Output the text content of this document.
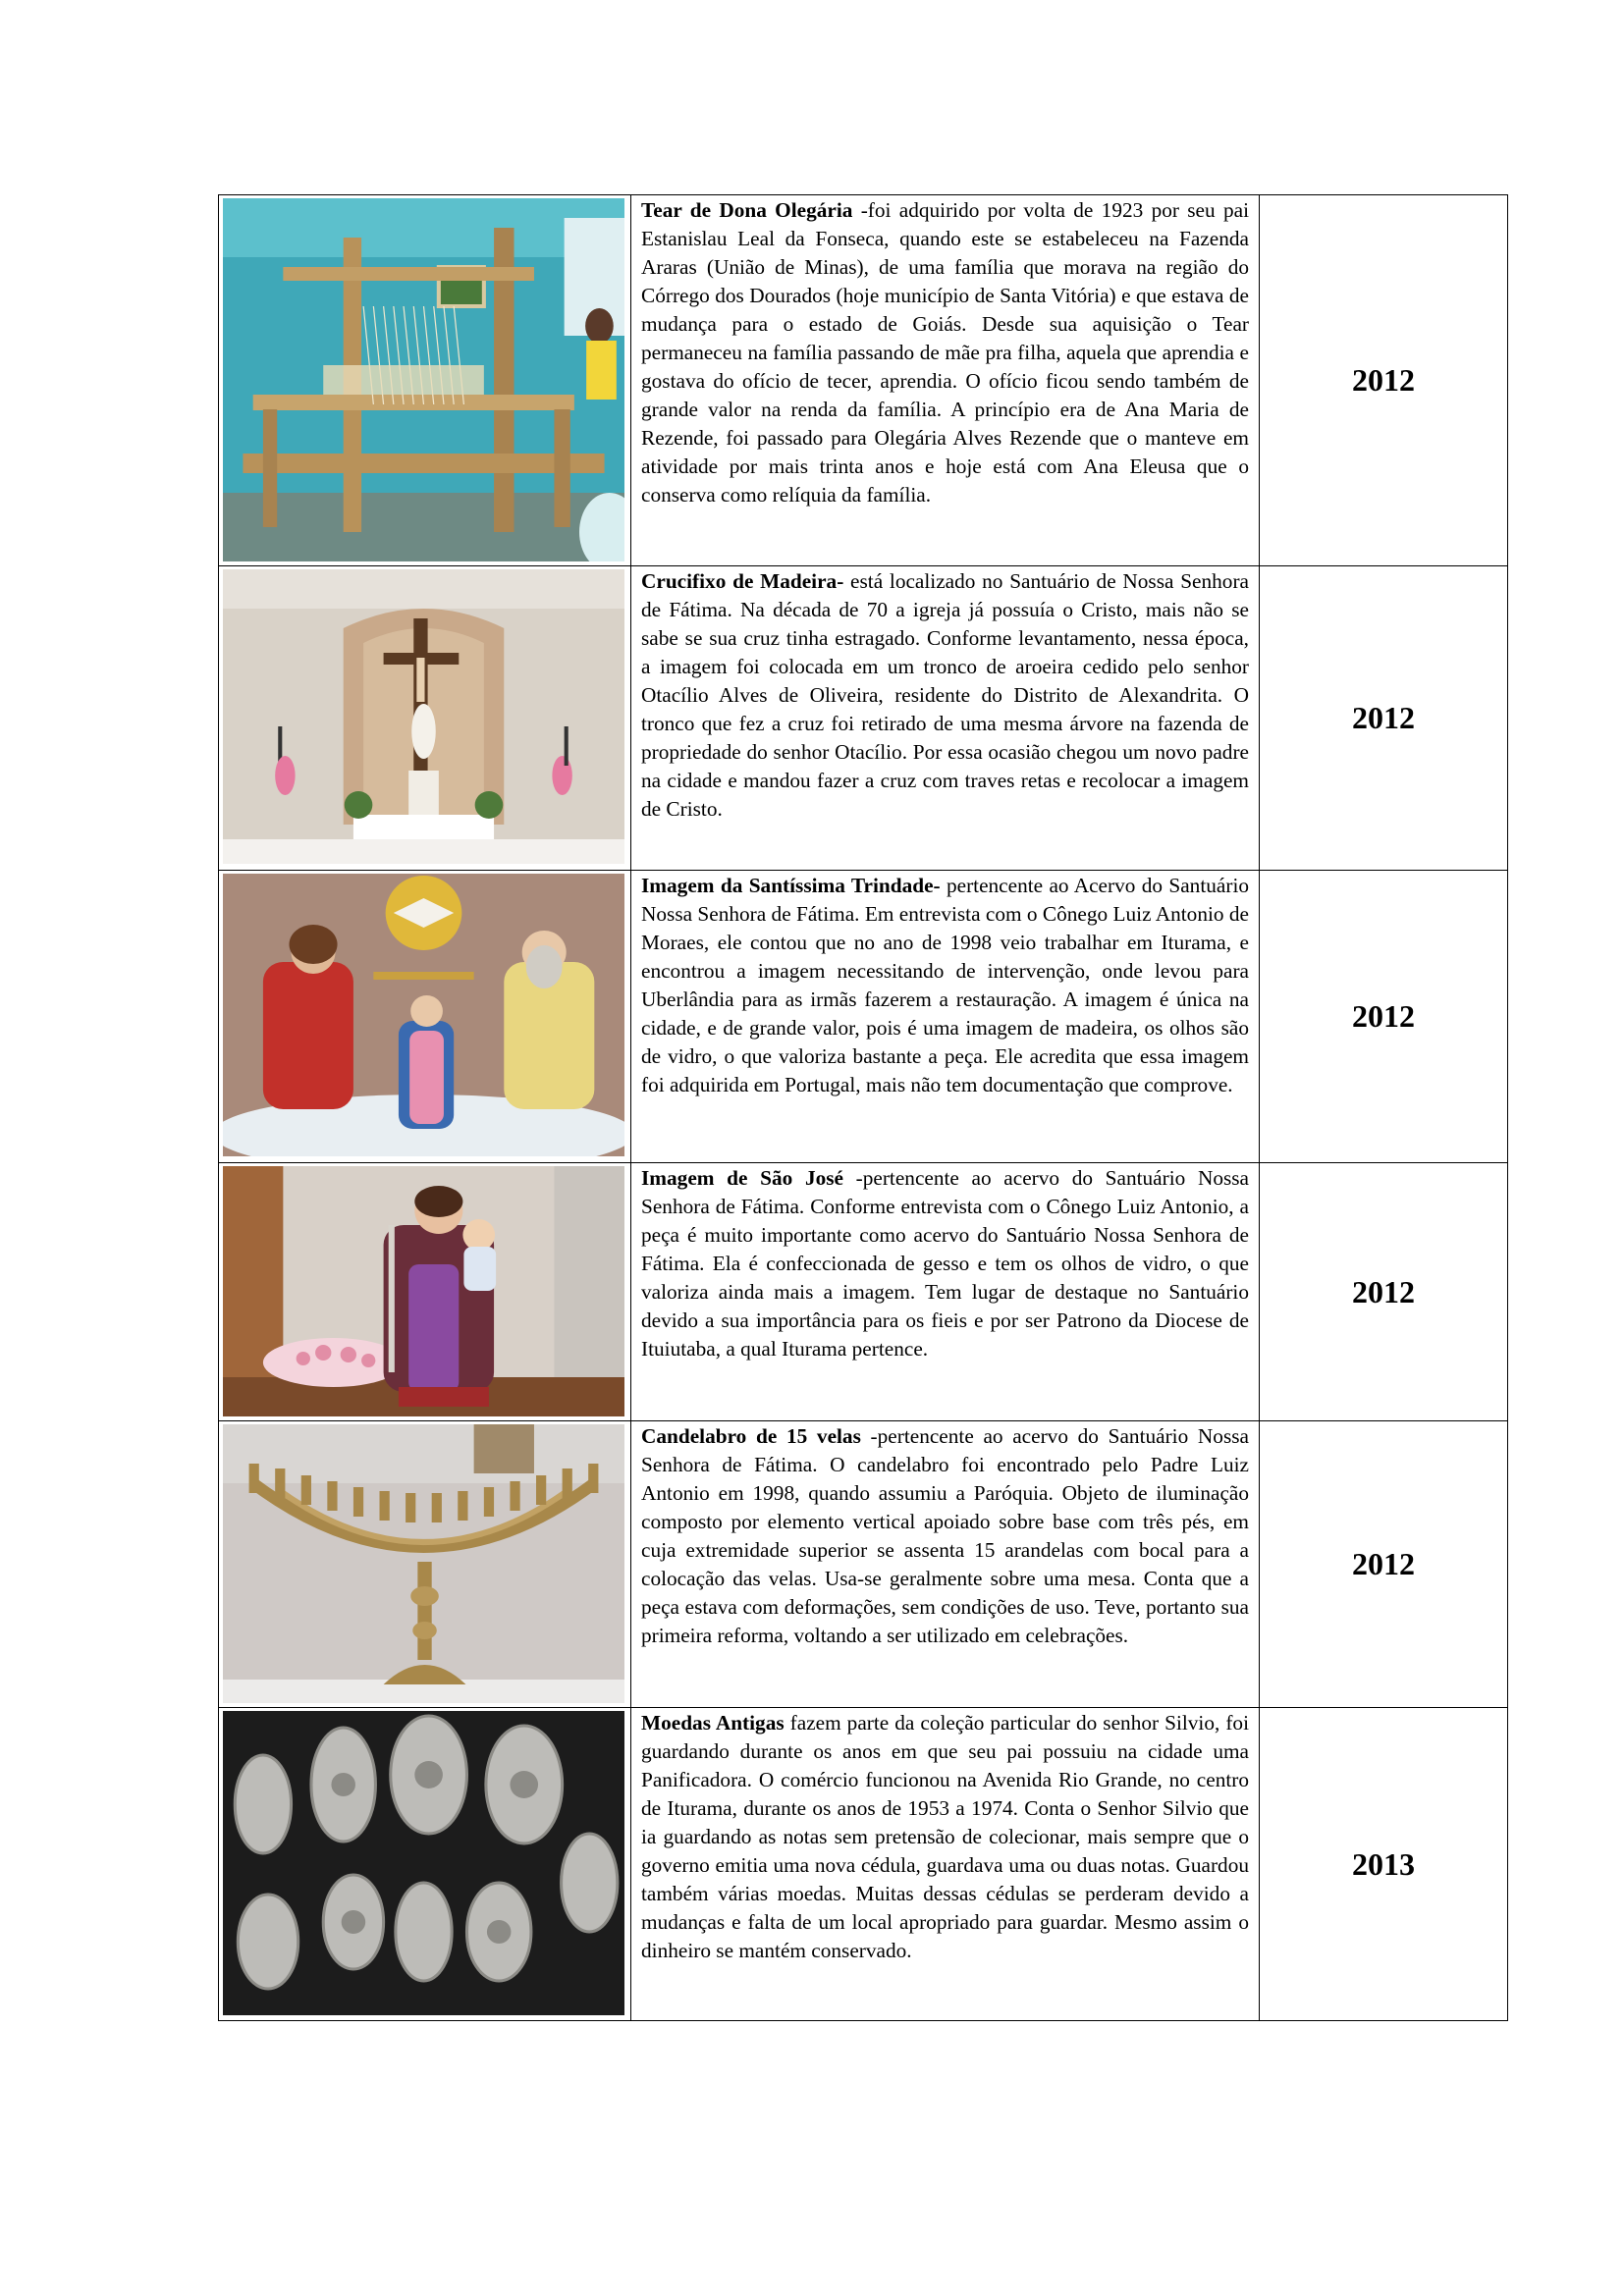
	Tear de Dona Olegária -foi adquirido por volta de 1923 por seu pai Estanislau Leal da Fonseca, quando este se estabeleceu na Fazenda Araras (União de Minas), de uma família que morava na região do Córrego dos Dourados (hoje município de Santa Vitória) e que estava de mudança para o estado de Goiás. Desde sua aquisição o Tear permaneceu na família passando de mãe pra filha, aquela que aprendia e gostava do ofício de tecer, aprendia. O ofício ficou sendo também de grande valor na renda da família. A princípio era de Ana Maria de Rezende, foi passado para Olegária Alves Rezende que o manteve em atividade por mais trinta anos e hoje está com Ana Eleusa que o conserva como relíquia da família.	2012

	Crucifixo de Madeira- está localizado no Santuário de Nossa Senhora de Fátima. Na década de 70 a igreja já possuía o Cristo, mais não se sabe se sua cruz tinha estragado. Conforme levantamento, nessa época, a imagem foi colocada em um tronco de aroeira cedido pelo senhor Otacílio Alves de Oliveira, residente do Distrito de Alexandrita. O tronco que fez a cruz foi retirado de uma mesma árvore na fazenda de propriedade do senhor Otacílio. Por essa ocasião chegou um novo padre na cidade e mandou fazer a cruz com traves retas e recolocar a imagem de Cristo.	2012

	Imagem da Santíssima Trindade- pertencente ao Acervo do Santuário Nossa Senhora de Fátima. Em entrevista com o Cônego Luiz Antonio de Moraes, ele contou que no ano de 1998 veio trabalhar em Iturama, e encontrou a imagem necessitando de intervenção, onde levou para Uberlândia para as irmãs fazerem a restauração. A imagem é única na cidade, e de grande valor, pois é uma imagem de madeira, os olhos são de vidro, o que valoriza bastante a peça. Ele acredita que essa imagem foi adquirida em Portugal, mais não tem documentação que comprove.	2012

	Imagem de São José -pertencente ao acervo do Santuário Nossa Senhora de Fátima. Conforme entrevista com o Cônego Luiz Antonio, a peça é muito importante como acervo do Santuário Nossa Senhora de Fátima. Ela é confeccionada de gesso e tem os olhos de vidro, o que valoriza ainda mais a imagem. Tem lugar de destaque no Santuário devido a sua importância para os fieis e por ser Patrono da Diocese de Ituiutaba, a qual Iturama pertence.	2012

	Candelabro de 15 velas -pertencente ao acervo do Santuário Nossa Senhora de Fátima. O candelabro foi encontrado pelo Padre Luiz Antonio em 1998, quando assumiu a Paróquia. Objeto de iluminação composto por elemento vertical apoiado sobre base com três pés, em cuja extremidade superior se assenta 15 arandelas com bocal para a colocação das velas. Usa-se geralmente sobre uma mesa. Conta que a peça estava com deformações, sem condições de uso. Teve, portanto sua primeira reforma, voltando a ser utilizado em celebrações.	2012

	Moedas Antigas fazem parte da coleção particular do senhor Silvio, foi guardando durante os anos em que seu pai possuiu na cidade uma Panificadora. O comércio funcionou na Avenida Rio Grande, no centro de Iturama, durante os anos de 1953 a 1974. Conta o Senhor Silvio que ia guardando as notas sem pretensão de colecionar, mais sempre que o governo emitia uma nova cédula, guardava uma ou duas notas. Guardou também várias moedas. Muitas dessas cédulas se perderam devido a mudanças e falta de um local apropriado para guardar. Mesmo assim o dinheiro se mantém conservado.	2013
